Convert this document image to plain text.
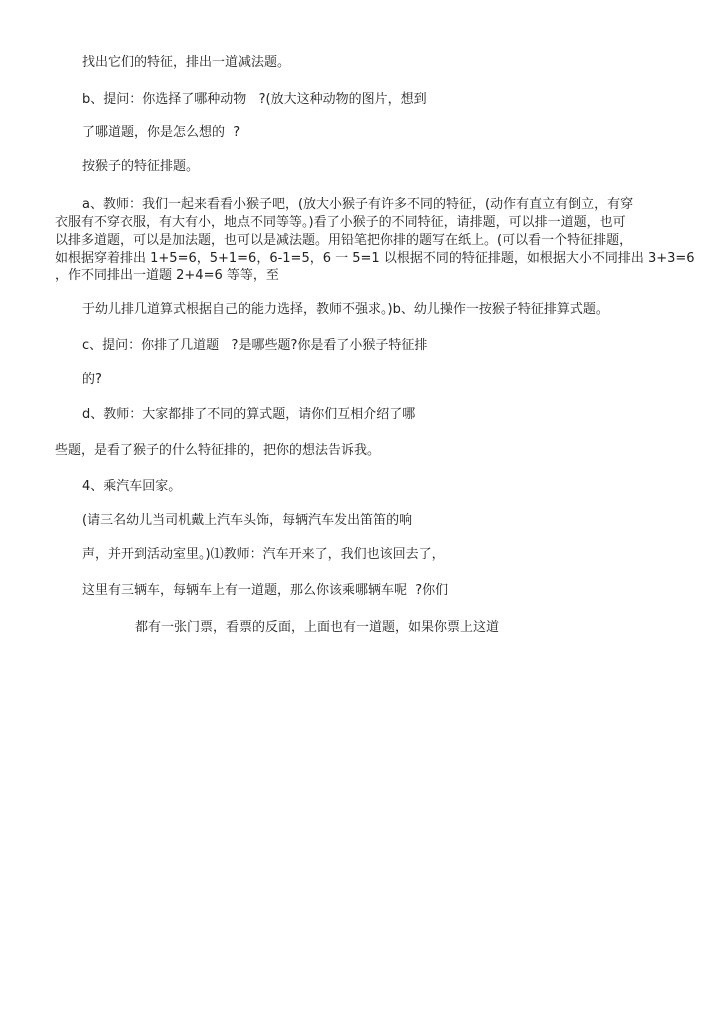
找出它们的特征，排出一道减法题。
b、提问：你选择了哪种动物   ?(放大这种动物的图片，想到
了哪道题，你是怎么想的  ?
按猴子的特征排题。
a、教师：我们一起来看看小猴子吧，(放大小猴子有许多不同的特征，(动作有直立有倒立，有穿
衣服有不穿衣服，有大有小，地点不同等等。)看了小猴子的不同特征，请排题，可以排一道题，也可
以排多道题，可以是加法题，也可以是减法题。用铅笔把你排的题写在纸上。(可以看一个特征排题，
如根据穿着排出 1+5=6，5+1=6，6-1=5，6 一 5=1 以根据不同的特征排题，如根据大小不同排出 3+3=6
，作不同排出一道题 2+4=6 等等，至
于幼儿排几道算式根据自己的能力选择，教师不强求。)b、幼儿操作一按猴子特征排算式题。
c、提问：你排了几道题   ?是哪些题?你是看了小猴子特征排
的?
d、教师：大家都排了不同的算式题，请你们互相介绍了哪
些题，是看了猴子的什么特征排的，把你的想法告诉我。
4、乘汽车回家。
(请三名幼儿当司机戴上汽车头饰，每辆汽车发出笛笛的响
声，并开到活动室里。)⑴教师：汽车开来了，我们也该回去了，
这里有三辆车，每辆车上有一道题，那么你该乘哪辆车呢  ?你们
都有一张门票，看票的反面，上面也有一道题，如果你票上这道
